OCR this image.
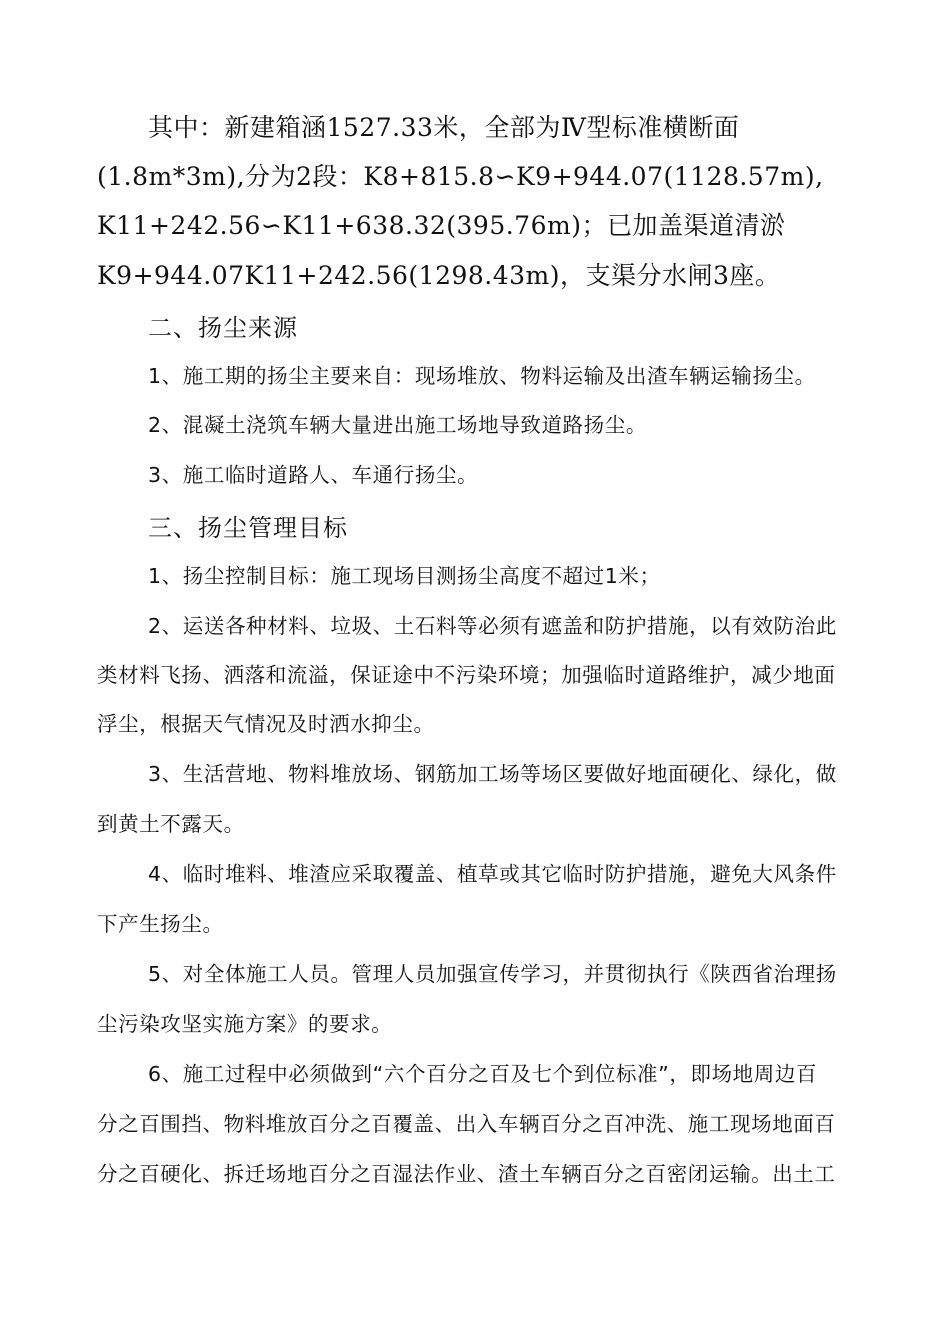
其中：新建箱涵1527.33米，全部为Ⅳ型标准横断面
(1.8m*3m),分为2段：K8+815.8∽K9+944.07(1128.57m),
K11+242.56∽K11+638.32(395.76m)；已加盖渠道清淤
K9+944.07K11+242.56(1298.43m)，支渠分水闸3座。
二、扬尘来源
1、施工期的扬尘主要来自：现场堆放、物料运输及出渣车辆运输扬尘。
2、混凝土浇筑车辆大量进出施工场地导致道路扬尘。
3、施工临时道路人、车通行扬尘。
三、扬尘管理目标
1、扬尘控制目标：施工现场目测扬尘高度不超过1米；
2、运送各种材料、垃圾、土石料等必须有遮盖和防护措施，以有效防治此
类材料飞扬、洒落和流溢，保证途中不污染环境；加强临时道路维护，减少地面
浮尘，根据天气情况及时洒水抑尘。
3、生活营地、物料堆放场、钢筋加工场等场区要做好地面硬化、绿化，做
到黄土不露天。
4、临时堆料、堆渣应采取覆盖、植草或其它临时防护措施，避免大风条件
下产生扬尘。
5、对全体施工人员。管理人员加强宣传学习，并贯彻执行《陕西省治理扬
尘污染攻坚实施方案》的要求。
6、施工过程中必须做到“六个百分之百及七个到位标准”，即场地周边百
分之百围挡、物料堆放百分之百覆盖、出入车辆百分之百冲洗、施工现场地面百
分之百硬化、拆迁场地百分之百湿法作业、渣土车辆百分之百密闭运输。出土工
